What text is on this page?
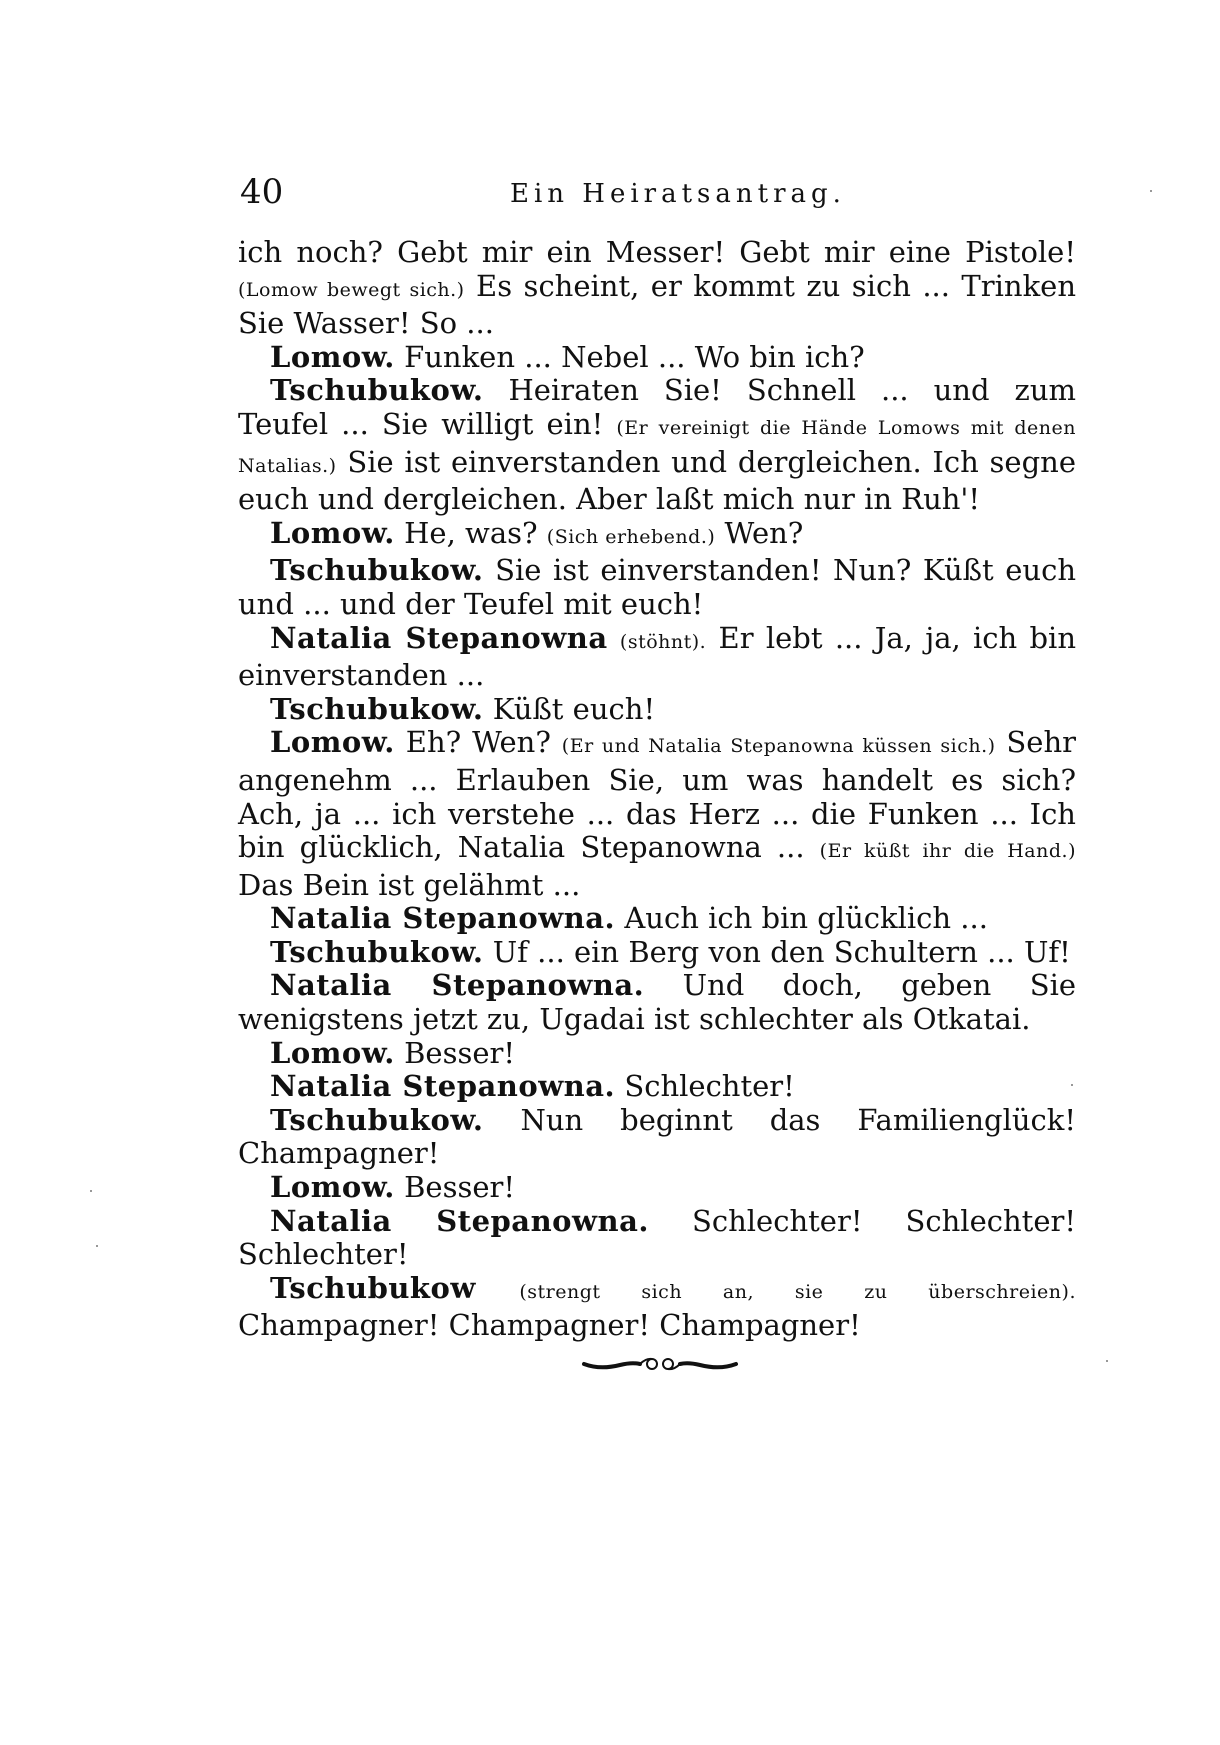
40	Ein Heiratsantrag.

ich noch? Gebt mir ein Messer! Gebt mir eine Pistole! (Lomow bewegt sich.) Es scheint, er kommt zu sich ... Trinken Sie Wasser! So ...

Lomow. Funken ... Nebel ... Wo bin ich?

Tschubukow. Heiraten Sie! Schnell ... und zum Teufel ... Sie willigt ein! (Er vereinigt die Hände Lomows mit denen Natalias.) Sie ist einverstanden und dergleichen. Ich segne euch und dergleichen. Aber laßt mich nur in Ruh'!

Lomow. He, was? (Sich erhebend.) Wen?

Tschubukow. Sie ist einverstanden! Nun? Küßt euch und ... und der Teufel mit euch!

Natalia Stepanowna (stöhnt). Er lebt ... Ja, ja, ich bin einverstanden ...

Tschubukow. Küßt euch!

Lomow. Eh? Wen? (Er und Natalia Stepanowna küssen sich.) Sehr angenehm ... Erlauben Sie, um was handelt es sich? Ach, ja ... ich verstehe ... das Herz ... die Funken ... Ich bin glücklich, Natalia Stepanowna ... (Er küßt ihr die Hand.) Das Bein ist gelähmt ...

Natalia Stepanowna. Auch ich bin glücklich ...

Tschubukow. Uf ... ein Berg von den Schultern ... Uf!

Natalia Stepanowna. Und doch, geben Sie wenigstens jetzt zu, Ugadai ist schlechter als Otkatai.

Lomow. Besser!

Natalia Stepanowna. Schlechter!

Tschubukow. Nun beginnt das Familienglück! Champagner!

Lomow. Besser!

Natalia Stepanowna. Schlechter! Schlechter! Schlechter!

Tschubukow (strengt sich an, sie zu überschreien). Champagner! Champagner! Champagner!
